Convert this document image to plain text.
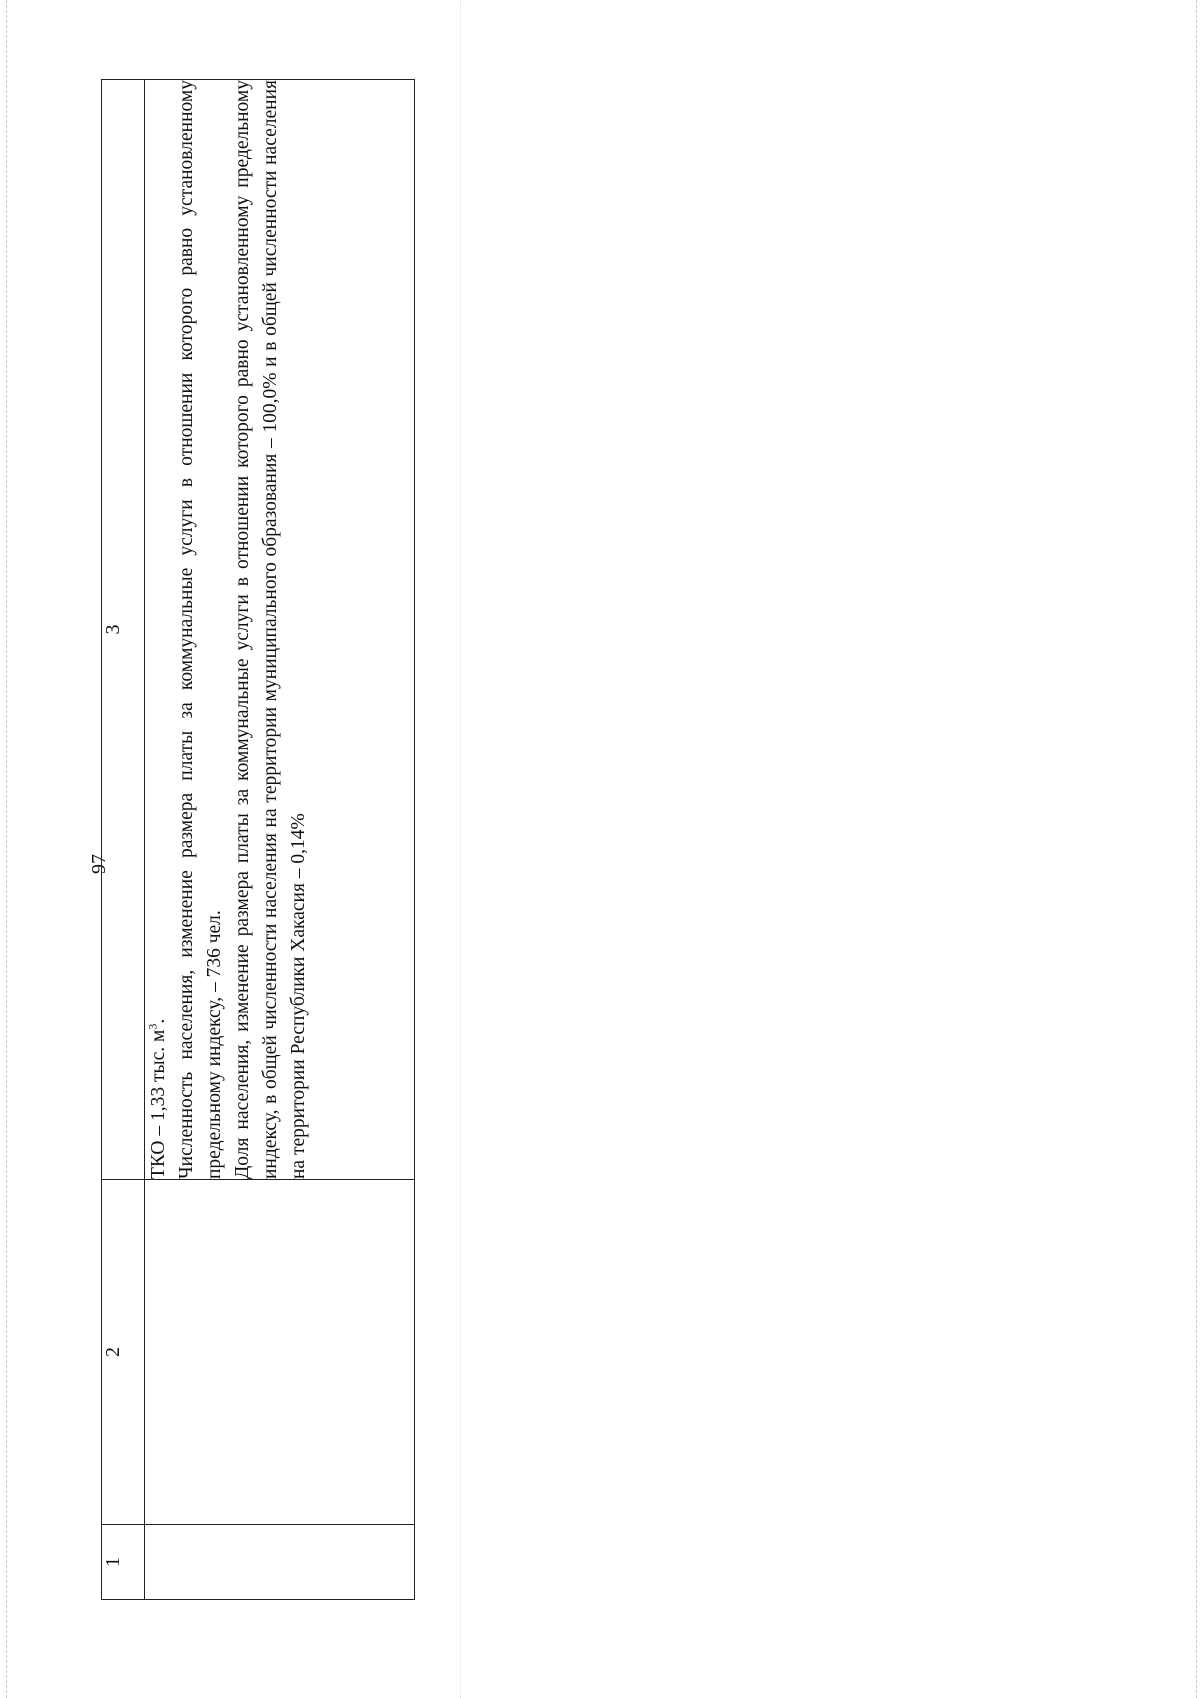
97
1	2	3

		ТКО – 1,33 тыс. $м^3$. Численность населения, изменение размера платы за коммунальные услуги в отношении которого равно установленному предельному индексу, – 736 чел. Доля населения, изменение размера платы за коммунальные услуги в отношении которого равно установленному предельному индексу, в общей численности населения на территории муниципального образования – 100,0% и в общей численности населения на территории Республики Хакасия – 0,14%
